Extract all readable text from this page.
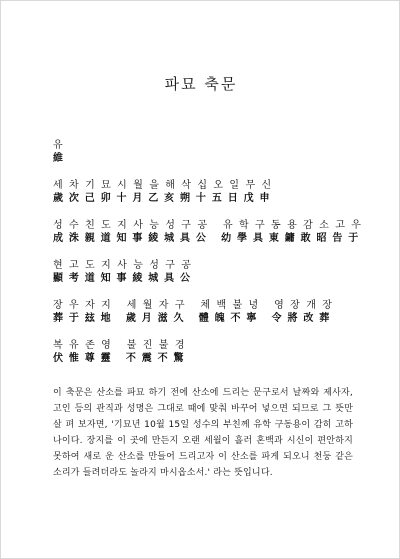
파묘 축문
유
維
세 차 기 묘 시 월 을 해 삭 십 오 일 무 신
歲 次 己 卯 十 月 乙 亥 朔 十 五 日 戊 申
성 수 친 도 지 사 능 성 구 공   유 학 구 동 용 감 소 고 우
成 洙 親 道 知 事 綾 城 具 公   幼 學 具 東 鏞 敢 昭 告 于
현 고 도 지 사 능 성 구 공
顯 考 道 知 事 綾 城 具 公
장 우 자 지   세 월 자 구   체 백 불 녕   영 장 개 장
葬 于 玆 地   歲 月 滋 久   體 魄 不 寧   令 將 改 葬
복 유 존 영   불 진 불 경
伏 惟 尊 靈   不 震 不 驚
이 축문은 산소를 파묘 하기 전에 산소에 드리는 문구로서 날짜와 제사자, 고인 등의 관직과 성명은 그대로 때에 맞춰 바꾸어 넣으면 되므로 그 뜻만 살 펴 보자면, '기묘년 10월 15일 성수의 부친께 유학 구동용이 감히 고하나이다. 장지를 이 곳에 만든지 오랜 세월이 흘러 혼백과 시신이 편안하지 못하여 새로 운 산소를 만들어 드리고자 이 산소를 파게 되오니 천둥 같은 소리가 들려더라도 놀라지 마시옵소서.' 라는 뜻입니다.
